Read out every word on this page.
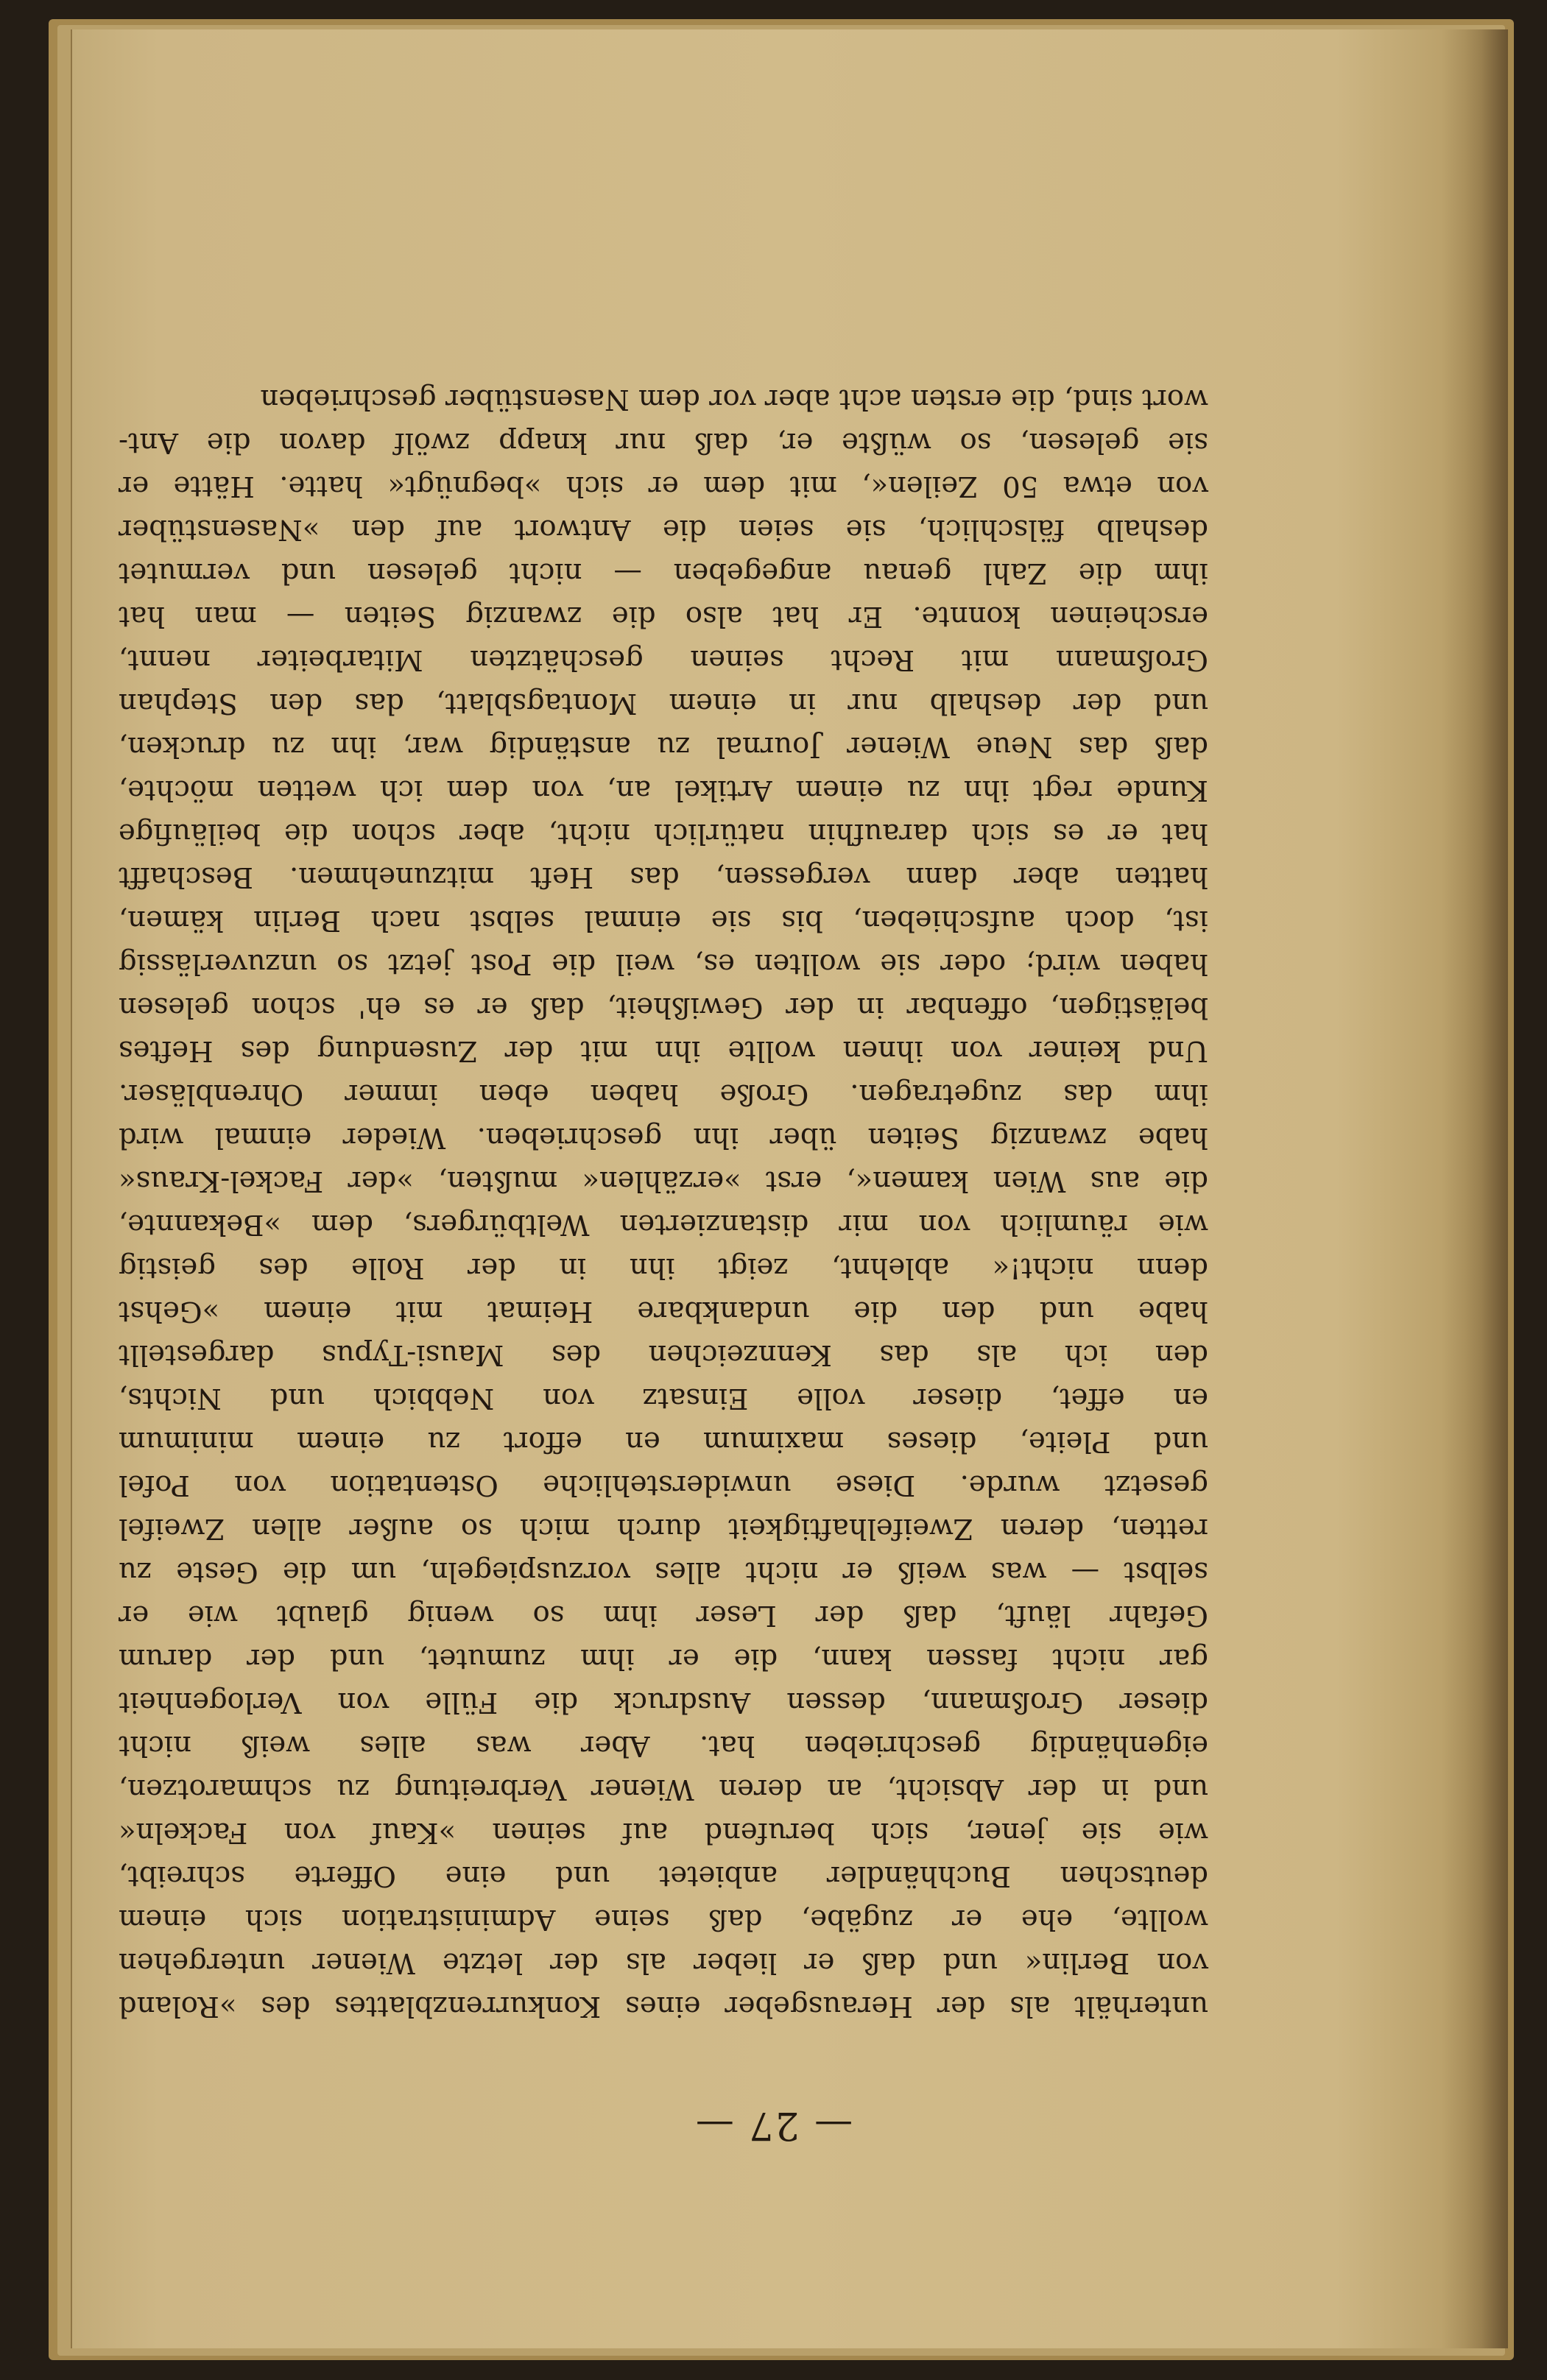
— 27 —
unterhält als der Herausgeber eines Konkurrenzblattes des »Roland
von Berlin« und daß er lieber als der letzte Wiener untergehen
wollte, ehe er zugäbe, daß seine Administration sich einem
deutschen Buchhändler anbietet und eine Offerte schreibt,
wie sie jener, sich berufend auf seinen »Kauf von Fackeln«
und in der Absicht, an deren Wiener Verbreitung zu schmarotzen,
eigenhändig geschrieben hat. Aber was alles weiß nicht
dieser Großmann, dessen Ausdruck die Fülle von Verlogenheit
gar nicht fassen kann, die er ihm zumutet, und der darum
Gefahr läuft, daß der Leser ihm so wenig glaubt wie er
selbst — was weiß er nicht alles vorzuspiegeln, um die Geste zu
retten, deren Zweifelhaftigkeit durch mich so außer allen Zweifel
gesetzt wurde. Diese unwiderstehliche Ostentation von Pofel
und Pleite, dieses maximum en effort zu einem minimum
en effet, dieser volle Einsatz von Nebbich und Nichts,
den ich als das Kennzeichen des Mausi-Typus dargestellt
habe und den die undankbare Heimat mit einem »Gehst
denn nicht!« ablehnt, zeigt ihn in der Rolle des geistig
wie räumlich von mir distanzierten Weltbürgers, dem »Bekannte,
die aus Wien kamen«, erst »erzählen« mußten, »der Fackel-Kraus«
habe zwanzig Seiten über ihn geschrieben. Wieder einmal wird
ihm das zugetragen. Große haben eben immer Ohrenbläser.
Und keiner von ihnen wollte ihn mit der Zusendung des Heftes
belästigen, offenbar in der Gewißheit, daß er es eh' schon gelesen
haben wird; oder sie wollten es, weil die Post jetzt so unzuverlässig
ist, doch aufschieben, bis sie einmal selbst nach Berlin kämen,
hatten aber dann vergessen, das Heft mitzunehmen. Beschafft
hat er es sich daraufhin natürlich nicht, aber schon die beiläufige
Kunde regt ihn zu einem Artikel an, von dem ich wetten möchte,
daß das Neue Wiener Journal zu anständig war, ihn zu drucken,
und der deshalb nur in einem Montagsblatt, das den Stephan
Großmann mit Recht seinen geschätzten Mitarbeiter nennt,
erscheinen konnte. Er hat also die zwanzig Seiten — man hat
ihm die Zahl genau angegeben — nicht gelesen und vermutet
deshalb fälschlich, sie seien die Antwort auf den »Nasenstüber
von etwa 50 Zeilen«, mit dem er sich »begnügt« hatte. Hätte er
sie gelesen, so wüßte er, daß nur knapp zwölf davon die Ant-
wort sind, die ersten acht aber vor dem Nasenstüber geschrieben
